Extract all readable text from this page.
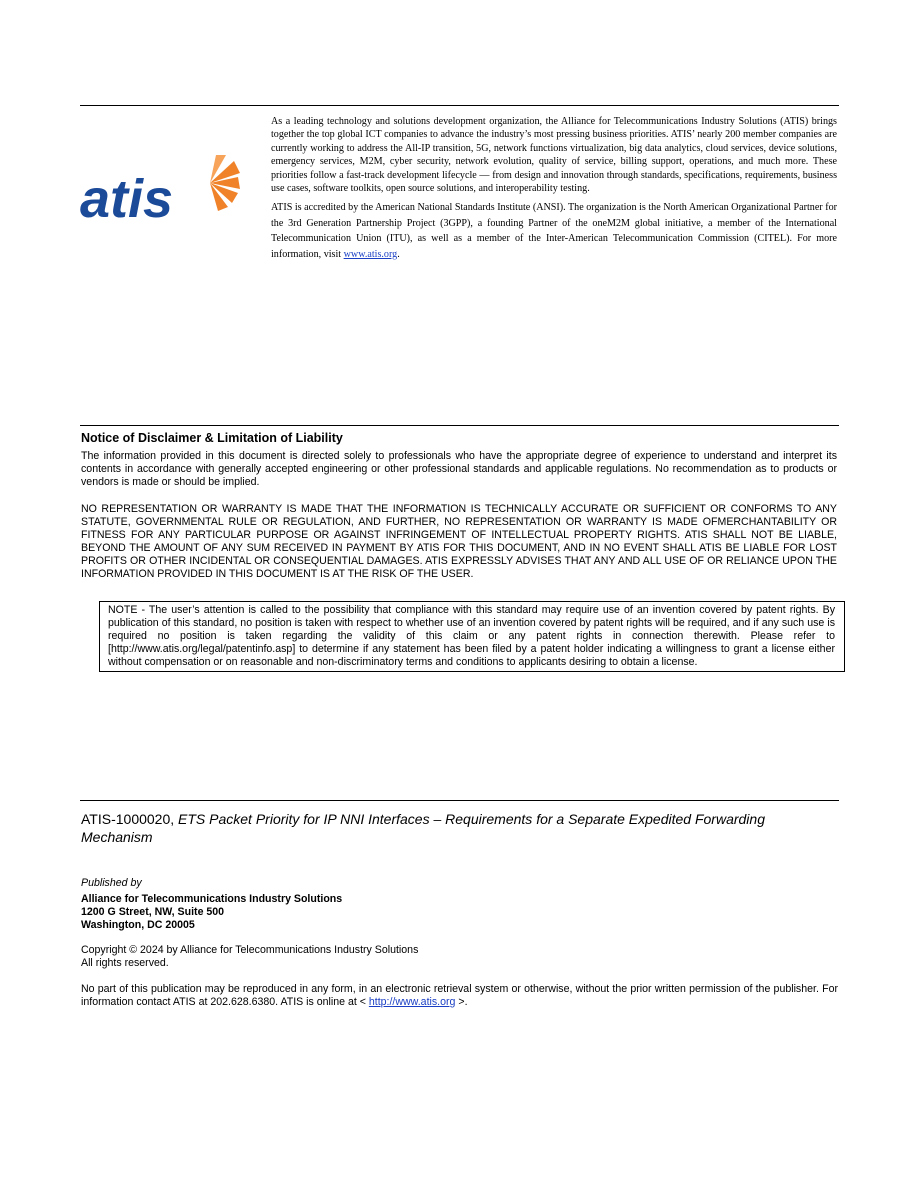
atis

As a leading technology and solutions development organization, the Alliance for Telecommunications Industry Solutions (ATIS) brings together the top global ICT companies to advance the industry’s most pressing business priorities. ATIS’ nearly 200 member companies are currently working to address the All-IP transition, 5G, network functions virtualization, big data analytics, cloud services, device solutions, emergency services, M2M, cyber security, network evolution, quality of service, billing support, operations, and much more. These priorities follow a fast-track development lifecycle — from design and innovation through standards, specifications, requirements, business use cases, software toolkits, open source solutions, and interoperability testing.

ATIS is accredited by the American National Standards Institute (ANSI). The organization is the North American Organizational Partner for the 3rd Generation Partnership Project (3GPP), a founding Partner of the oneM2M global initiative, a member of the International Telecommunication Union (ITU), as well as a member of the Inter-American Telecommunication Commission (CITEL). For more information, visit www.atis.org.

Notice of Disclaimer & Limitation of Liability
The information provided in this document is directed solely to professionals who have the appropriate degree of experience to understand and interpret its contents in accordance with generally accepted engineering or other professional standards and applicable regulations. No recommendation as to products or vendors is made or should be implied.
NO REPRESENTATION OR WARRANTY IS MADE THAT THE INFORMATION IS TECHNICALLY ACCURATE OR SUFFICIENT OR CONFORMS TO ANY STATUTE, GOVERNMENTAL RULE OR REGULATION, AND FURTHER, NO REPRESENTATION OR WARRANTY IS MADE OFMERCHANTABILITY OR FITNESS FOR ANY PARTICULAR PURPOSE OR AGAINST INFRINGEMENT OF INTELLECTUAL PROPERTY RIGHTS. ATIS SHALL NOT BE LIABLE, BEYOND THE AMOUNT OF ANY SUM RECEIVED IN PAYMENT BY ATIS FOR THIS DOCUMENT, AND IN NO EVENT SHALL ATIS BE LIABLE FOR LOST PROFITS OR OTHER INCIDENTAL OR CONSEQUENTIAL DAMAGES. ATIS EXPRESSLY ADVISES THAT ANY AND ALL USE OF OR RELIANCE UPON THE INFORMATION PROVIDED IN THIS DOCUMENT IS AT THE RISK OF THE USER.
NOTE - The user’s attention is called to the possibility that compliance with this standard may require use of an invention covered by patent rights. By publication of this standard, no position is taken with respect to whether use of an invention covered by patent rights will be required, and if any such use is required no position is taken regarding the validity of this claim or any patent rights in connection therewith. Please refer to [http://www.atis.org/legal/patentinfo.asp] to determine if any statement has been filed by a patent holder indicating a willingness to grant a license either without compensation or on reasonable and non-discriminatory terms and conditions to applicants desiring to obtain a license.
ATIS-1000020, ETS Packet Priority for IP NNI Interfaces – Requirements for a Separate Expedited Forwarding Mechanism
Published by
Alliance for Telecommunications Industry Solutions
1200 G Street, NW, Suite 500
Washington, DC 20005
Copyright © 2024 by Alliance for Telecommunications Industry Solutions
All rights reserved.
No part of this publication may be reproduced in any form, in an electronic retrieval system or otherwise, without the prior written permission of the publisher. For information contact ATIS at 202.628.6380. ATIS is online at < http://www.atis.org >.
